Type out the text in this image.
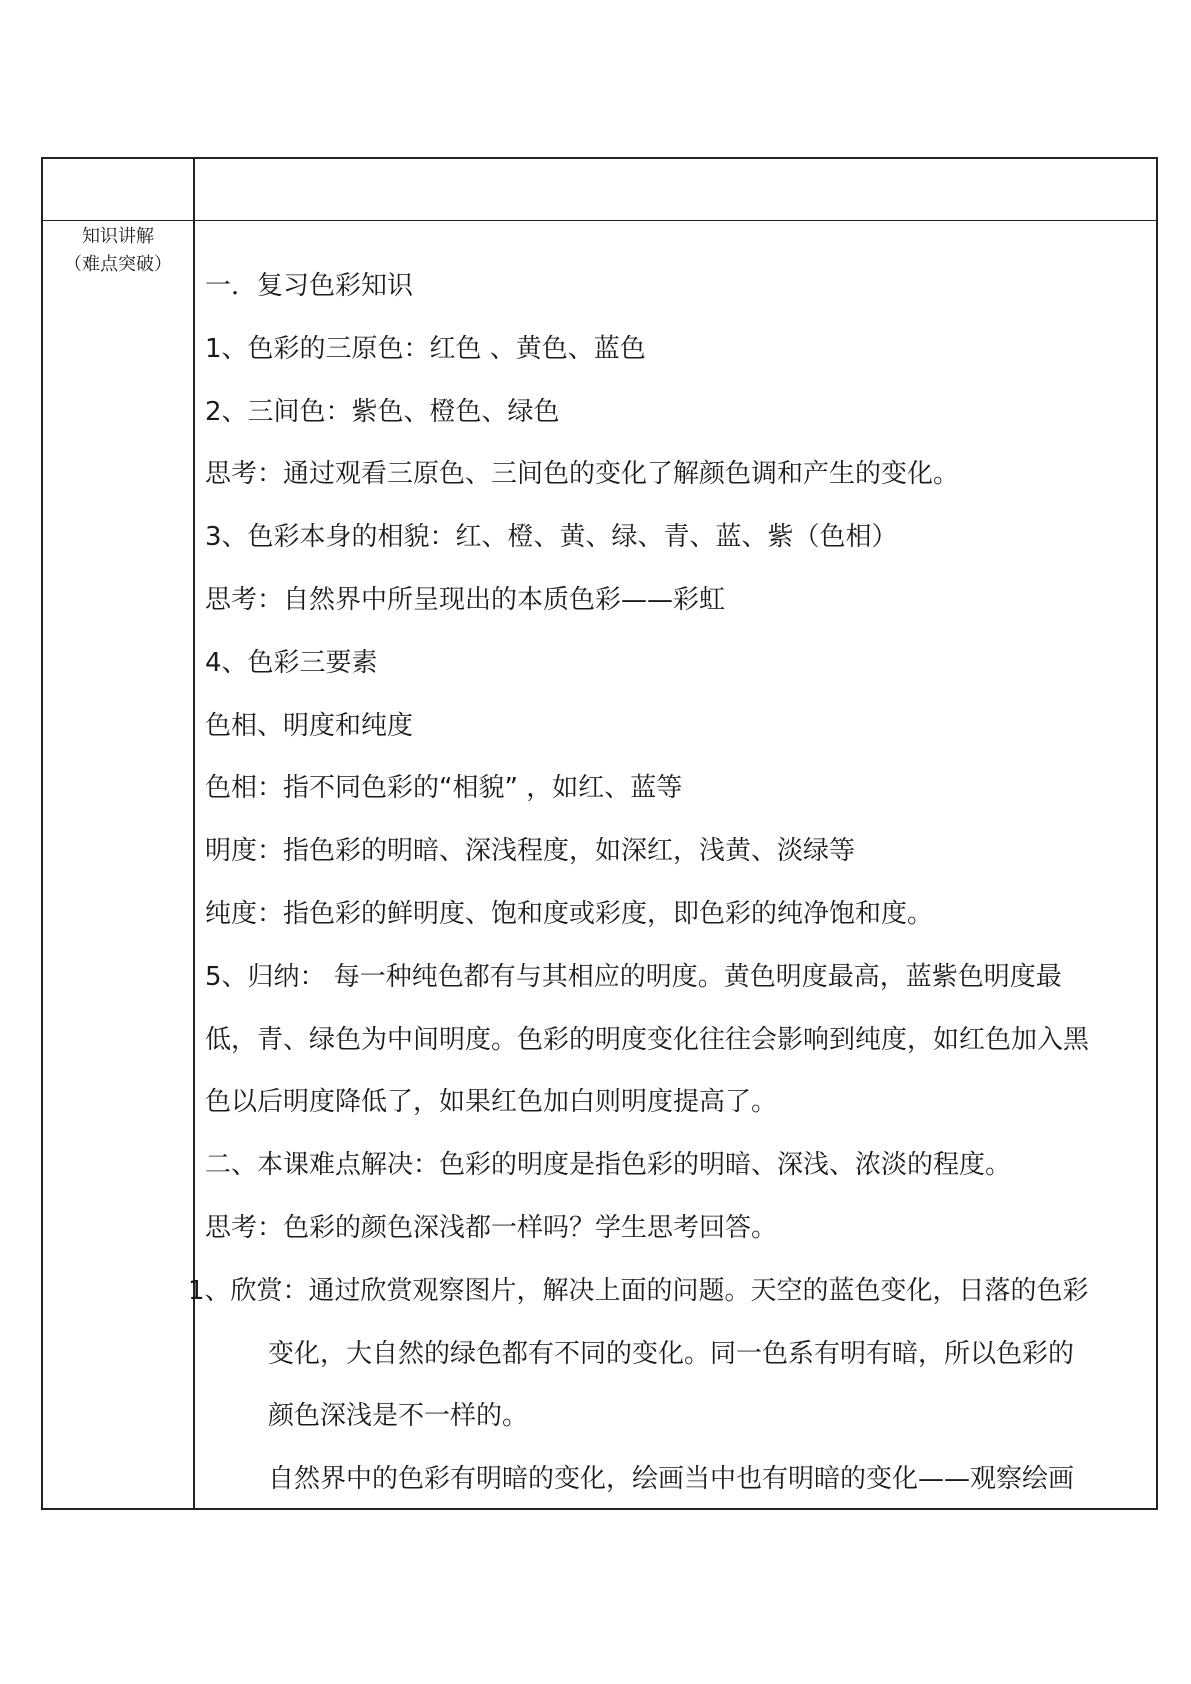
知识讲解
（难点突破）
一．复习色彩知识
1、色彩的三原色：红色 、黄色、蓝色
2、三间色：紫色、橙色、绿色
思考：通过观看三原色、三间色的变化了解颜色调和产生的变化。
3、色彩本身的相貌：红、橙、黄、绿、青、蓝、紫（色相）
思考：自然界中所呈现出的本质色彩——彩虹
4、色彩三要素
色相、明度和纯度
色相：指不同色彩的“相貌” ，如红、蓝等
明度：指色彩的明暗、深浅程度，如深红，浅黄、淡绿等
纯度：指色彩的鲜明度、饱和度或彩度，即色彩的纯净饱和度。
5、归纳： 每一种纯色都有与其相应的明度。黄色明度最高，蓝紫色明度最
低，青、绿色为中间明度。色彩的明度变化往往会影响到纯度，如红色加入黑
色以后明度降低了，如果红色加白则明度提高了。
二、本课难点解决：色彩的明度是指色彩的明暗、深浅、浓淡的程度。
思考：色彩的颜色深浅都一样吗？学生思考回答。
1、欣赏：通过欣赏观察图片，解决上面的问题。天空的蓝色变化，日落的色彩
变化，大自然的绿色都有不同的变化。同一色系有明有暗，所以色彩的
颜色深浅是不一样的。
自然界中的色彩有明暗的变化，绘画当中也有明暗的变化——观察绘画
